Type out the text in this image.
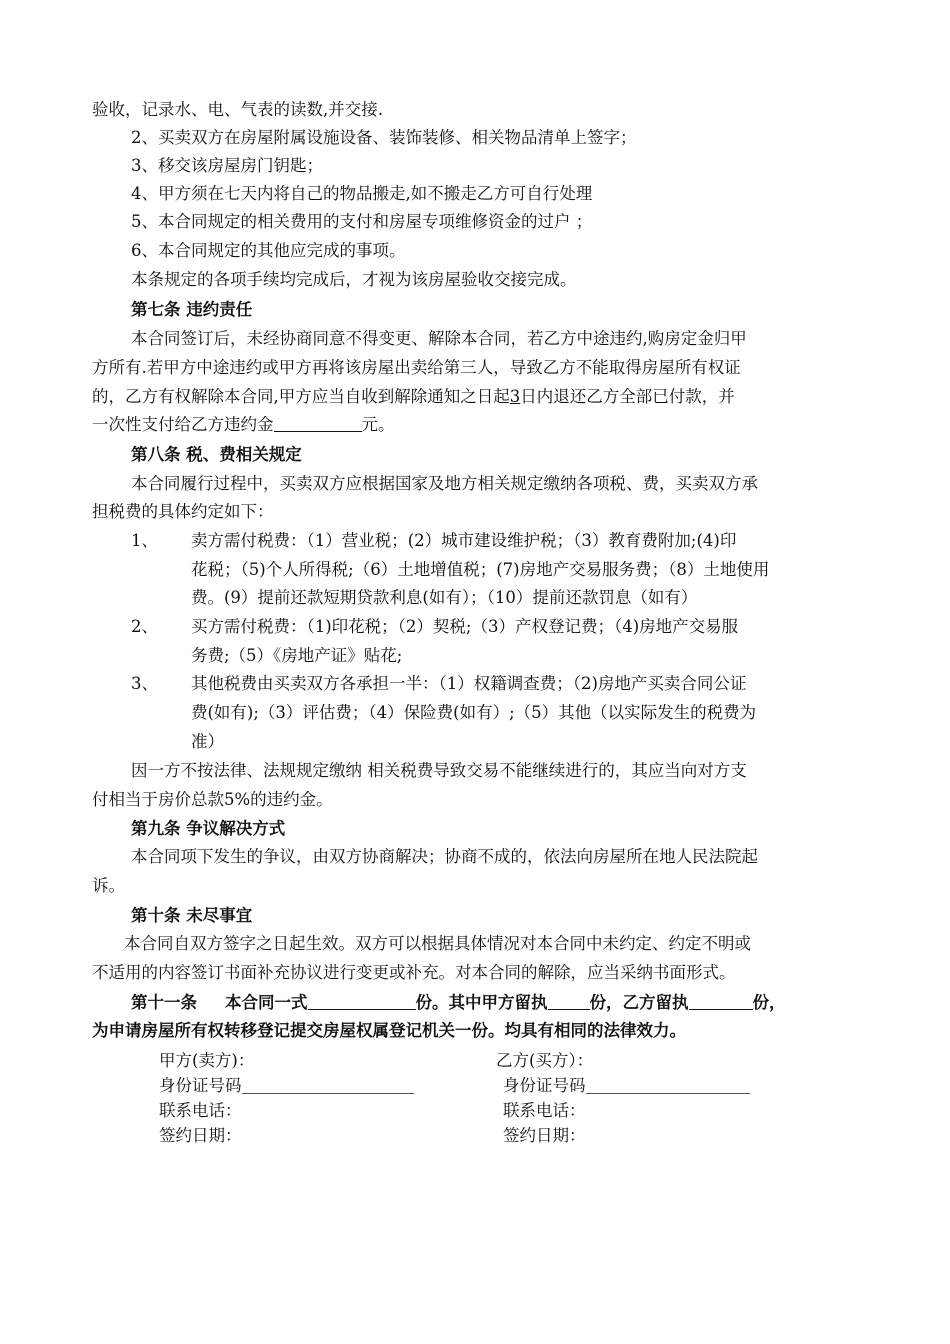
验收，记录水、电、气表的读数,并交接.
2、买卖双方在房屋附属设施设备、装饰装修、相关物品清单上签字；
3、移交该房屋房门钥匙；
4、甲方须在七天内将自己的物品搬走,如不搬走乙方可自行处理
5、本合同规定的相关费用的支付和房屋专项维修资金的过户 ；
6、本合同规定的其他应完成的事项。
本条规定的各项手续均完成后，才视为该房屋验收交接完成。
第七条 违约责任
本合同签订后，未经协商同意不得变更、解除本合同，若乙方中途违约,购房定金归甲
方所有.若甲方中途违约或甲方再将该房屋出卖给第三人，导致乙方不能取得房屋所有权证
的，乙方有权解除本合同,甲方应当自收到解除通知之日起3日内退还乙方全部已付款，并
一次性支付给乙方违约金	元。
第八条 税、费相关规定
本合同履行过程中，买卖双方应根据国家及地方相关规定缴纳各项税、费，买卖双方承
担税费的具体约定如下：
1、 卖方需付税费：（1）营业税；(2）城市建设维护税；（3）教育费附加;(4)印
花税；（5)个人所得税;（6）土地增值税；(7)房地产交易服务费；（8）土地使用
费。(9）提前还款短期贷款利息(如有）；（10）提前还款罚息（如有）
2、 买方需付税费：（1)印花税；（2）契税;（3）产权登记费；（4)房地产交易服
务费;（5）《房地产证》贴花;
3、 其他税费由买卖双方各承担一半：（1）权籍调查费；（2)房地产买卖合同公证
费(如有);（3）评估费；（4）保险费(如有）;（5）其他（以实际发生的税费为
准）
因一方不按法律、法规规定缴纳 相关税费导致交易不能继续进行的，其应当向对方支
付相当于房价总款5%的违约金。
第九条 争议解决方式
本合同项下发生的争议，由双方协商解决；协商不成的，依法向房屋所在地人民法院起
诉。
第十条 未尽事宜
本合同自双方签字之日起生效。双方可以根据具体情况对本合同中未约定、约定不明或
不适用的内容签订书面补充协议进行变更或补充。对本合同的解除，应当采纳书面形式。
第十一条 本合同一式	份。其中甲方留执	份，乙方留执	份，
为申请房屋所有权转移登记提交房屋权属登记机关一份。均具有相同的法律效力。
甲方(卖方)：	乙方(买方）：
身份证号码	身份证号码
联系电话：	联系电话：
签约日期：	签约日期：
